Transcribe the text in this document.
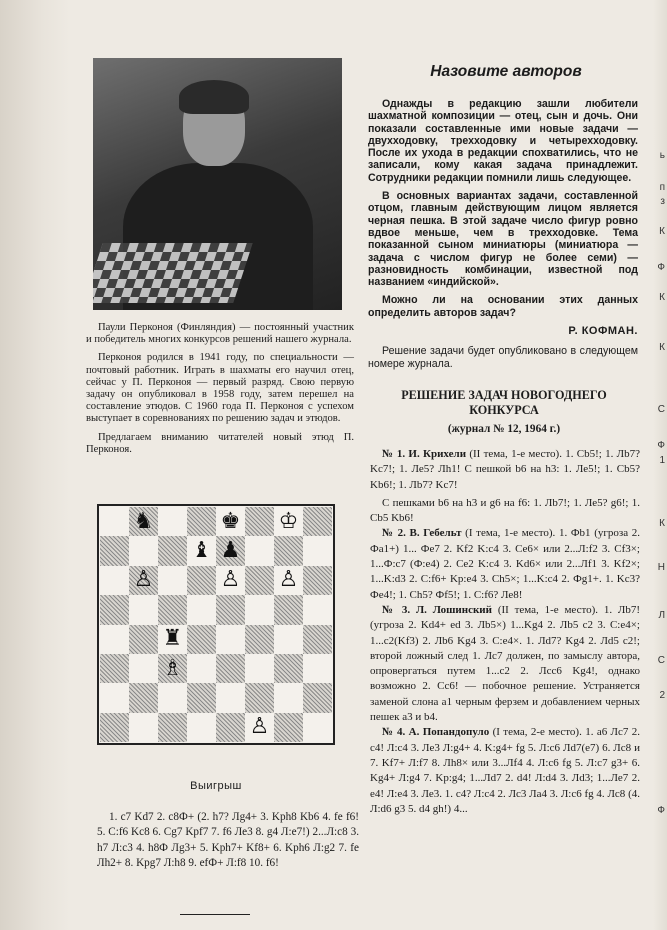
ь
п
з
К
Ф
К
К
С
Ф
1
К
Н
Л
С
2
Ф

Паули Перконоя (Финляндия) — постоянный участник и победитель многих конкурсов решений нашего журнала.

Перконоя родился в 1941 году, по специальности — почтовый работник. Играть в шахматы его научил отец, сейчас у П. Перконоя — первый разряд. Свою первую задачу он опубликовал в 1958 году, затем перешел на составление этюдов. С 1960 года П. Перконоя с успехом выступает в соревнованиях по решению задач и этюдов.

Предлагаем вниманию читателей новый этюд П. Перконоя.

♞	♚ ♔
♝ ♟
♙	♙ ♙
♜
♗
♙
Выигрыш

1. c7 Kd7 2. c8Ф+ (2. h7? Лg4+ 3. Kph8 Kb6 4. fe f6! 5. C:f6 Kc8 6. Cg7 Kpf7 7. f6 Ле3 8. g4 Л:е7!) 2...Л:с8 3. h7 Л:с3 4. h8Ф Лg3+ 5. Kph7+ Kf8+ 6. Kph6 Л:g2 7. fe Лh2+ 8. Kpg7 Л:h8 9. efФ+ Л:f8 10. f6!

Назовите авторов

Однажды в редакцию зашли любители шахматной композиции — отец, сын и дочь. Они показали составленные ими новые задачи — двухходовку, трехходовку и четырехходовку. После их ухода в редакции спохватились, что не записали, кому какая задача принадлежит. Сотрудники редакции помнили лишь следующее.

В основных вариантах задачи, составленной отцом, главным действующим лицом является черная пешка. В этой задаче число фигур ровно вдвое меньше, чем в трехходовке. Тема показанной сыном миниатюры (миниатюра — задача с числом фигур не более семи) — разновидность комбинации, известной под названием «индийской».

Можно ли на основании этих данных определить авторов задач?

Р. КОФМАН.

Решение задачи будет опубликовано в следующем номере журнала.

РЕШЕНИЕ ЗАДАЧ НОВОГОДНЕГО КОНКУРСА
(журнал № 12, 1964 г.)

№ 1. И. Крихели (II тема, 1-е место). 1. Cb5!; 1. Лb7? Kc7!; 1. Ле5? Лh1! С пешкой b6 на h3: 1. Ле5!; 1. Cb5? Kb6!; 1. Лb7? Kc7!

С пешками b6 на h3 и g6 на f6: 1. Лb7!; 1. Ле5? g6!; 1. Cb5 Kb6!

№ 2. В. Гебельт (I тема, 1-е место). 1. Фb1 (угроза 2. Фа1+) 1... Фе7 2. Kf2 K:c4 3. Ce6× или 2...Л:f2 3. Cf3×; 1...Ф:c7 (Ф:е4) 2. Ce2 K:c4 3. Kd6× или 2...Лf1 3. Kf2×; 1...K:d3 2. C:f6+ Kp:e4 3. Ch5×; 1...K:c4 2. Фg1+. 1. Kc3? Фе4!; 1. Ch5? Фf5!; 1. C:f6? Ле8!

№ 3. Л. Лошинский (II тема, 1-е место). 1. Лb7! (угроза 2. Kd4+ ed 3. Лb5×) 1...Kg4 2. Лb5 c2 3. C:e4×; 1...c2(Kf3) 2. Лb6 Kg4 3. C:e4×. 1. Лd7? Kg4 2. Лd5 c2!; второй ложный след 1. Лс7 должен, по замыслу автора, опровергаться путем 1...c2 2. Лсс6 Kg4!, однако возможно 2. Cc6! — побочное решение. Устраняется заменой слона a1 черным ферзем и добавлением черных пешек a3 и b4.

№ 4. А. Попандопуло (I тема, 2-е место). 1. a6 Лс7 2. c4! Л:c4 3. Ле3 Л:g4+ 4. K:g4+ fg 5. Л:c6 Лd7(e7) 6. Лс8 и 7. Kf7+ Л:f7 8. Лh8× или 3...Лf4 4. Л:c6 fg 5. Л:c7 g3+ 6. Kg4+ Л:g4 7. Kp:g4; 1...Лd7 2. d4! Л:d4 3. Лd3; 1...Ле7 2. e4! Л:e4 3. Ле3. 1. c4? Л:c4 2. Лc3 Лa4 3. Л:c6 fg 4. Лс8 (4. Л:d6 g3 5. d4 gh!) 4...
